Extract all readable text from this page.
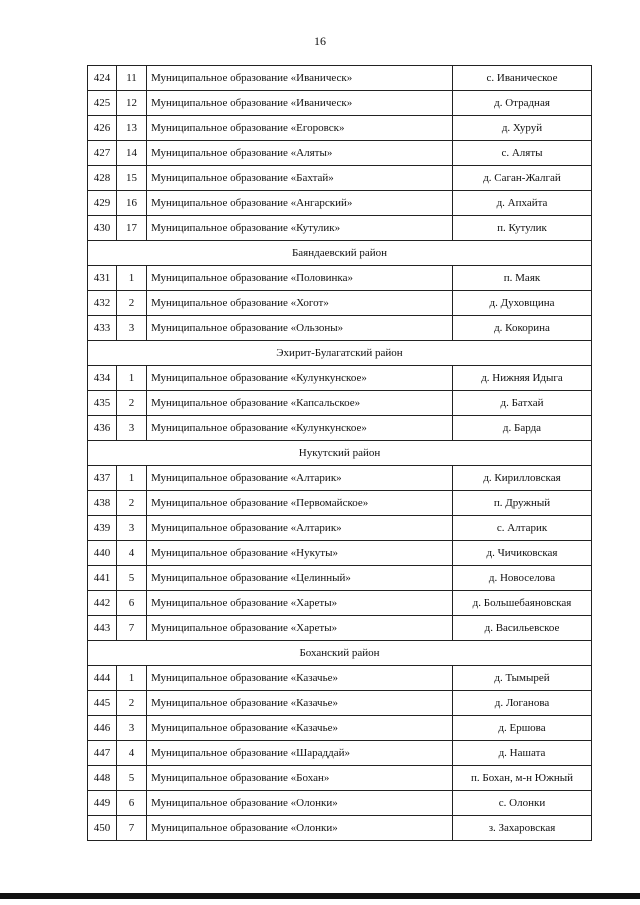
16
424	11	Муниципальное образование «Иваническ»	с. Иваническое
425	12	Муниципальное образование «Иваническ»	д. Отрадная
426	13	Муниципальное образование «Егоровск»	д. Хуруй
427	14	Муниципальное образование «Аляты»	с. Аляты
428	15	Муниципальное образование «Бахтай»	д. Саган-Жалгай
429	16	Муниципальное образование «Ангарский»	д. Апхайта
430	17	Муниципальное образование «Кутулик»	п. Кутулик
Баяндаевский район			
431	1	Муниципальное образование «Половинка»	п. Маяк
432	2	Муниципальное образование «Хогот»	д. Духовщина
433	3	Муниципальное образование «Ользоны»	д. Кокорина
Эхирит-Булагатский район			
434	1	Муниципальное образование «Кулункунское»	д. Нижняя Идыга
435	2	Муниципальное образование «Капсальское»	д. Батхай
436	3	Муниципальное образование «Кулункунское»	д. Барда
Нукутский район			
437	1	Муниципальное образование «Алтарик»	д. Кирилловская
438	2	Муниципальное образование «Первомайское»	п. Дружный
439	3	Муниципальное образование «Алтарик»	с. Алтарик
440	4	Муниципальное образование «Нукуты»	д. Чичиковская
441	5	Муниципальное образование «Целинный»	д. Новоселова
442	6	Муниципальное образование «Хареты»	д. Большебаяновская
443	7	Муниципальное образование «Хареты»	д. Васильевское
Боханский район			
444	1	Муниципальное образование «Казачье»	д. Тымырей
445	2	Муниципальное образование «Казачье»	д. Логанова
446	3	Муниципальное образование «Казачье»	д. Ершова
447	4	Муниципальное образование «Шараддай»	д. Нашата
448	5	Муниципальное образование «Бохан»	п. Бохан, м-н Южный
449	6	Муниципальное образование «Олонки»	с. Олонки
450	7	Муниципальное образование «Олонки»	з. Захаровская
